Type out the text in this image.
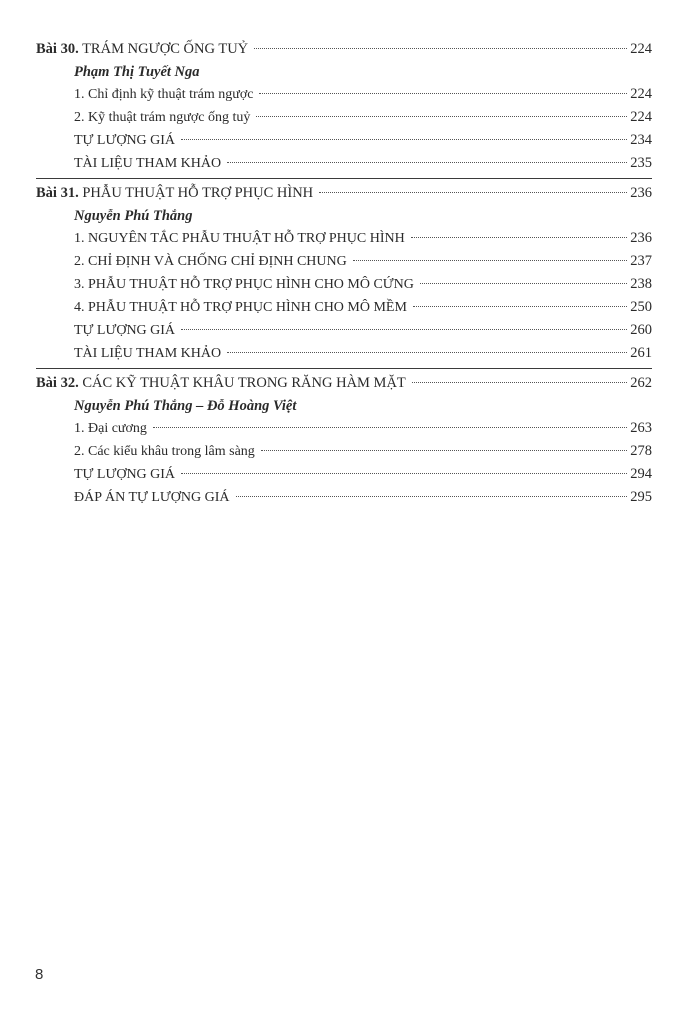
Bài 30. TRÁM NGƯỢC ỐNG TUỶ	224
Phạm Thị Tuyết Nga
1. Chỉ định kỹ thuật trám ngược	224
2. Kỹ thuật trám ngược ống tuỷ	224
TỰ LƯỢNG GIÁ	234
TÀI LIỆU THAM KHẢO	235
Bài 31. PHẪU THUẬT HỖ TRỢ PHỤC HÌNH	236
Nguyễn Phú Thắng
1. NGUYÊN TẮC PHẪU THUẬT HỖ TRỢ PHỤC HÌNH	236
2. CHỈ ĐỊNH VÀ CHỐNG CHỈ ĐỊNH CHUNG	237
3. PHẪU THUẬT HỖ TRỢ PHỤC HÌNH CHO MÔ CỨNG	238
4. PHẪU THUẬT HỖ TRỢ PHỤC HÌNH CHO MÔ MỀM	250
TỰ LƯỢNG GIÁ	260
TÀI LIỆU THAM KHẢO	261
Bài 32. CÁC KỸ THUẬT KHÂU TRONG RĂNG HÀM MẶT	262
Nguyễn Phú Thắng – Đỗ Hoàng Việt
1. Đại cương	263
2. Các kiểu khâu trong lâm sàng	278
TỰ LƯỢNG GIÁ	294
ĐÁP ÁN TỰ LƯỢNG GIÁ	295
8
